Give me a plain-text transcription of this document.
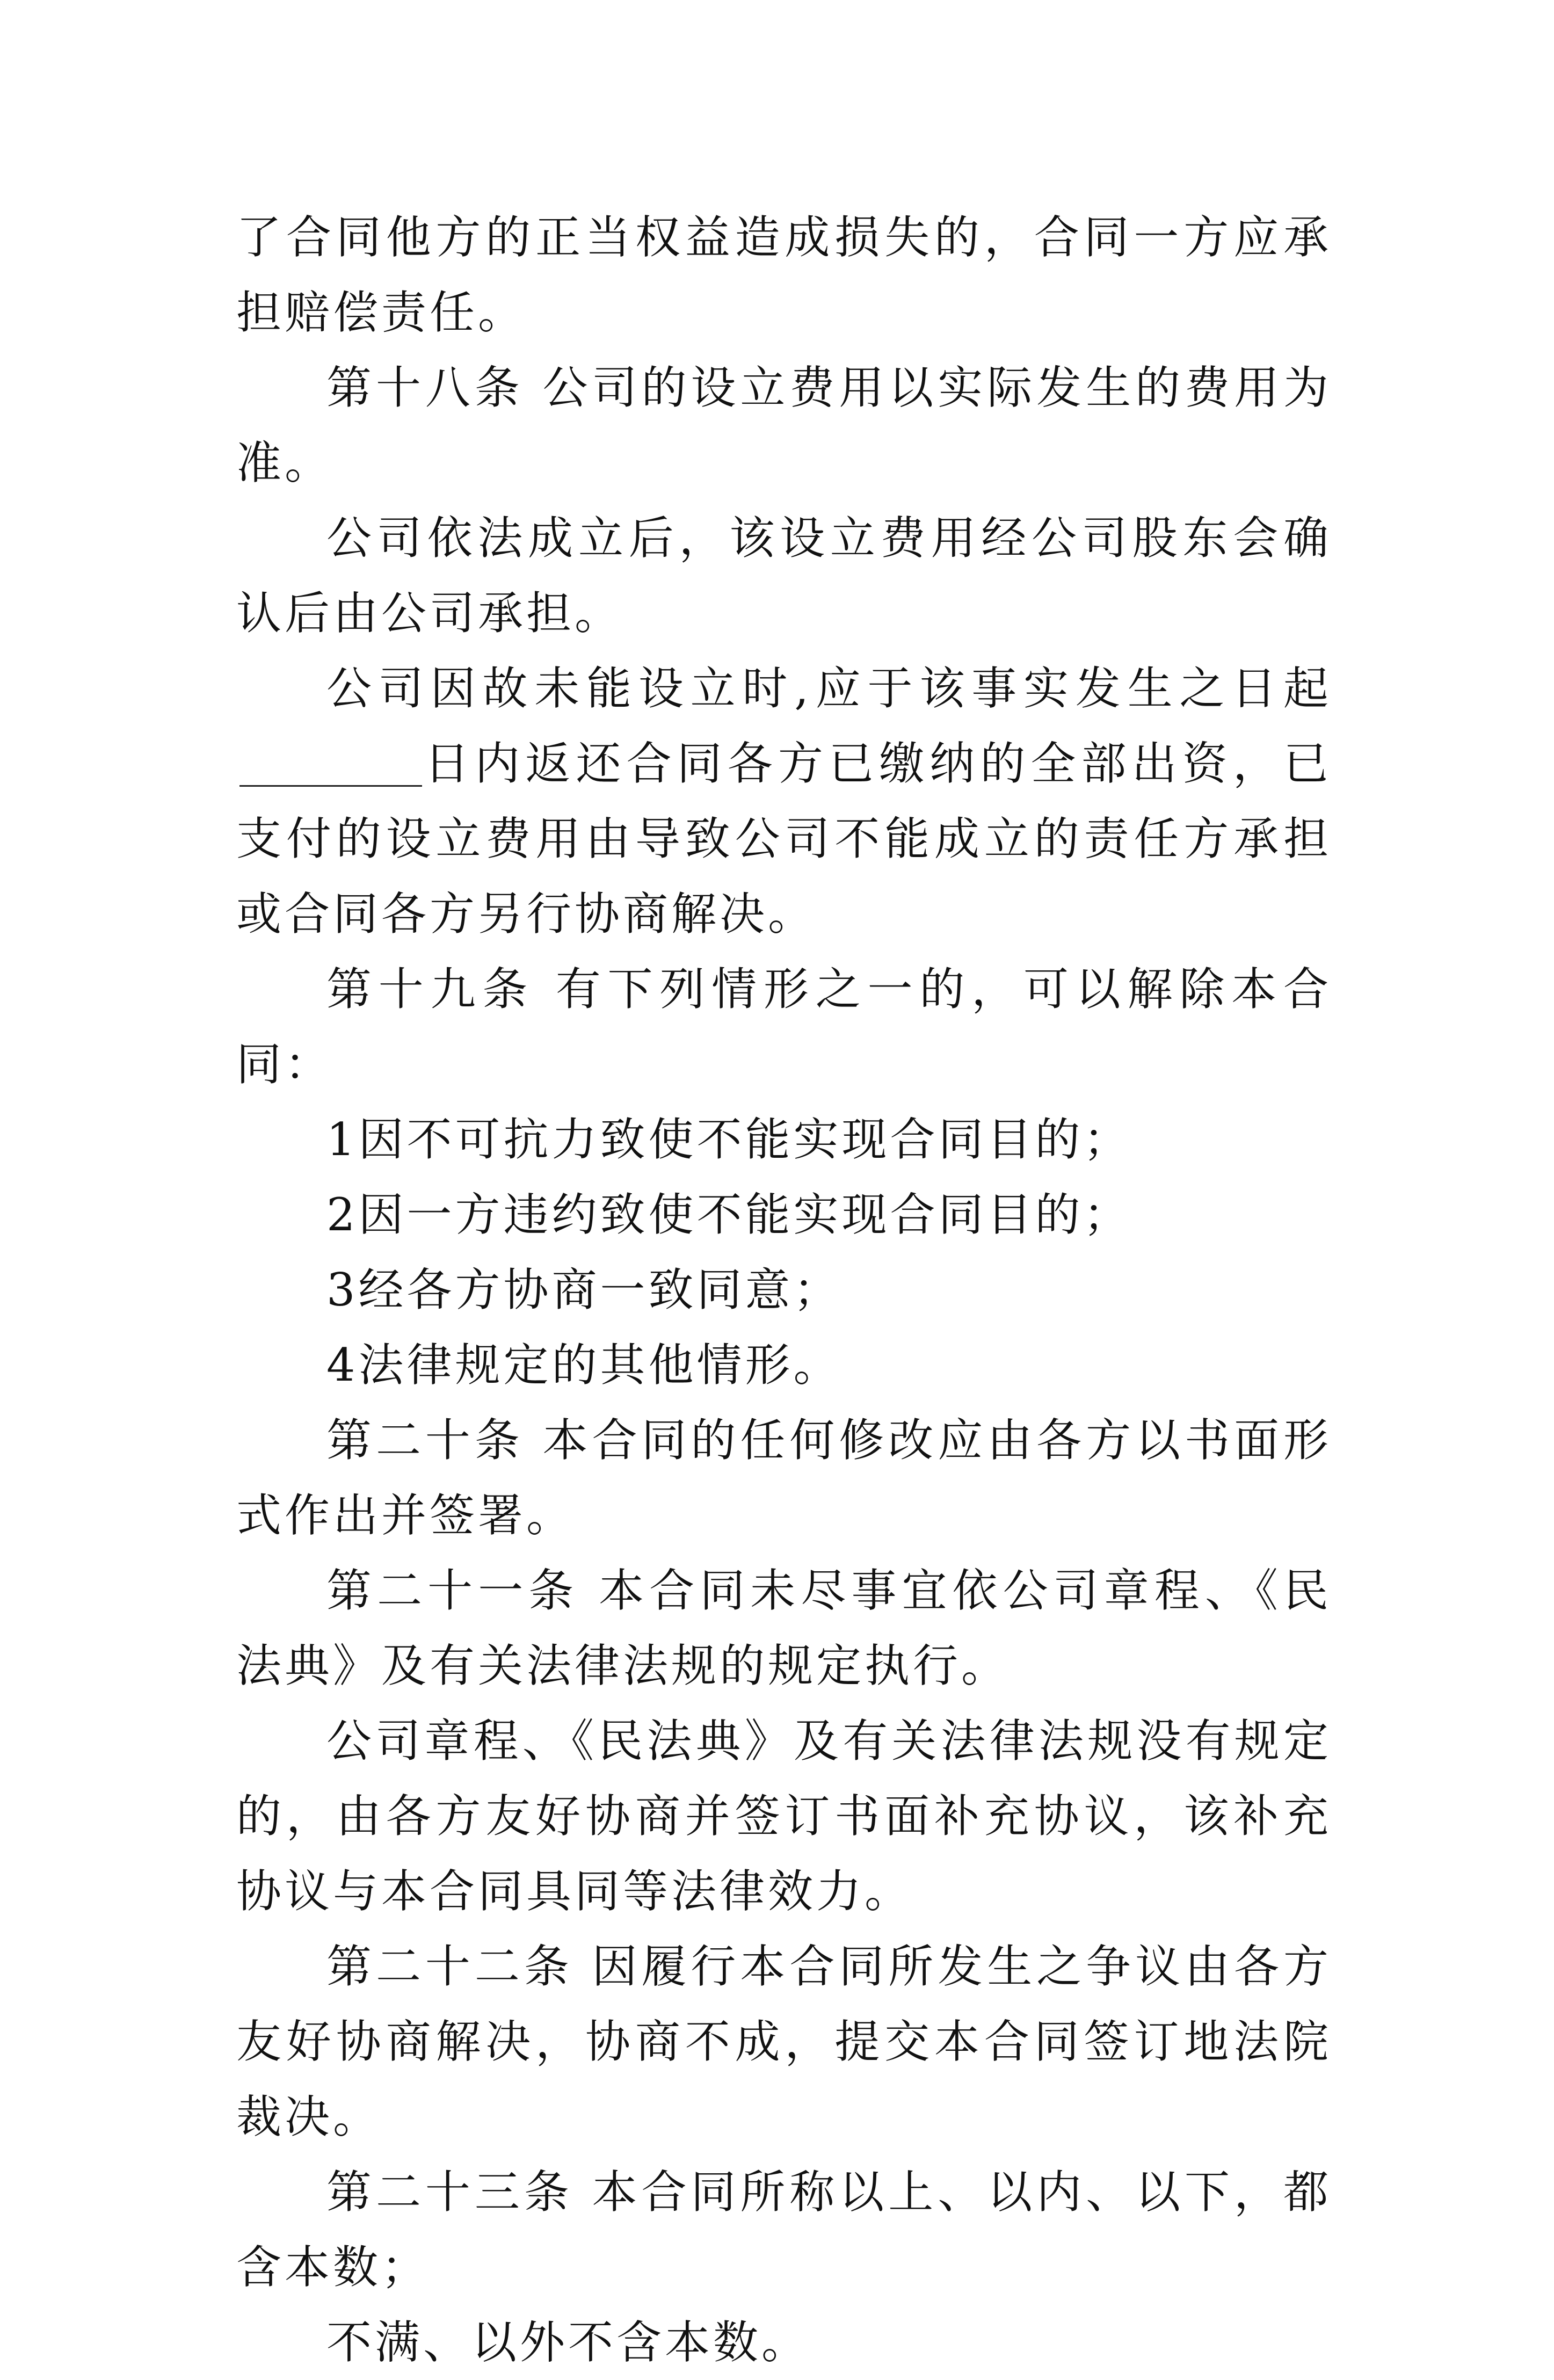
了合同他方的正当权益造成损失的，合同一方应承担赔偿责任。

第十八条 公司的设立费用以实际发生的费用为准。

公司依法成立后，该设立费用经公司股东会确认后由公司承担。

公司因故未能设立时,应于该事实发生之日起日内返还合同各方已缴纳的全部出资，已支付的设立费用由导致公司不能成立的责任方承担或合同各方另行协商解决。

第十九条 有下列情形之一的，可以解除本合同：

1因不可抗力致使不能实现合同目的；

2因一方违约致使不能实现合同目的；

3经各方协商一致同意；

4法律规定的其他情形。

第二十条 本合同的任何修改应由各方以书面形式作出并签署。

第二十一条 本合同未尽事宜依公司章程、《民法典》及有关法律法规的规定执行。

公司章程、《民法典》及有关法律法规没有规定的，由各方友好协商并签订书面补充协议，该补充协议与本合同具同等法律效力。

第二十二条 因履行本合同所发生之争议由各方友好协商解决，协商不成，提交本合同签订地法院裁决。

第二十三条 本合同所称以上、以内、以下，都含本数；

不满、以外不含本数。
